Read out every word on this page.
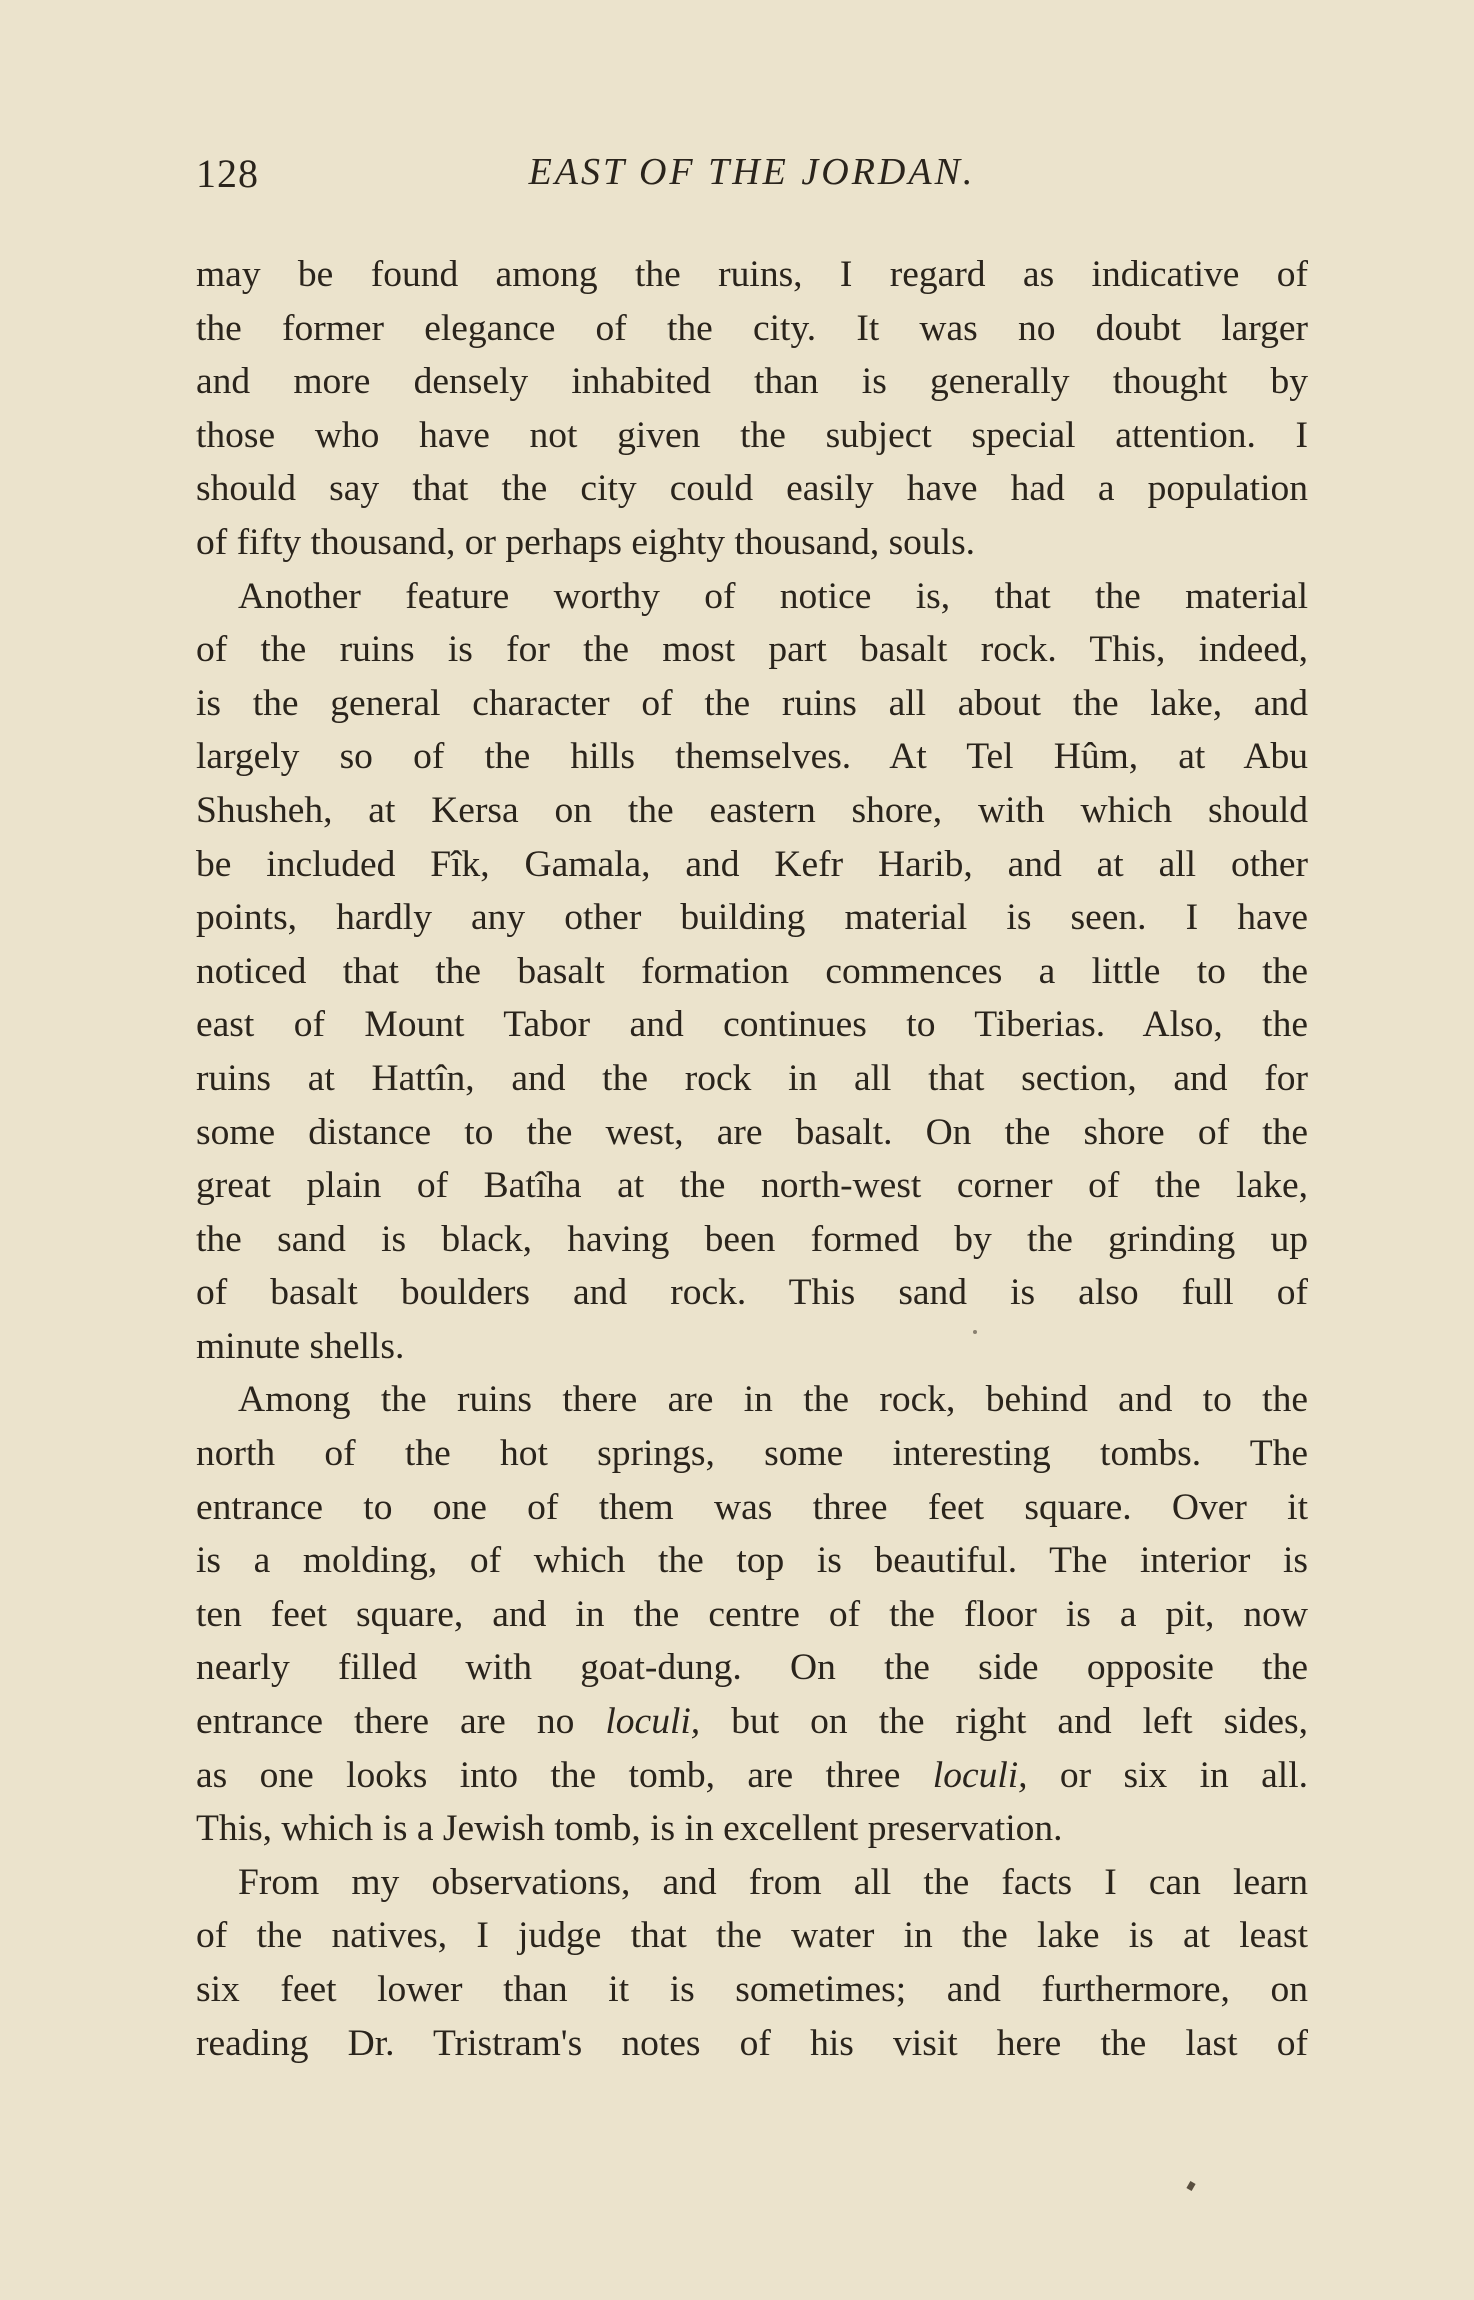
128	EAST OF THE JORDAN.

may be found among the ruins, I regard as indicative of
the former elegance of the city. It was no doubt larger
and more densely inhabited than is generally thought by
those who have not given the subject special attention. I
should say that the city could easily have had a population
of fifty thousand, or perhaps eighty thousand, souls.

Another feature worthy of notice is, that the material
of the ruins is for the most part basalt rock. This, indeed,
is the general character of the ruins all about the lake, and
largely so of the hills themselves. At Tel Hûm, at Abu
Shusheh, at Kersa on the eastern shore, with which should
be included Fîk, Gamala, and Kefr Harib, and at all other
points, hardly any other building material is seen. I have
noticed that the basalt formation commences a little to the
east of Mount Tabor and continues to Tiberias. Also, the
ruins at Hattîn, and the rock in all that section, and for
some distance to the west, are basalt. On the shore of the
great plain of Batîha at the north-west corner of the lake,
the sand is black, having been formed by the grinding up
of basalt boulders and rock. This sand is also full of
minute shells.

Among the ruins there are in the rock, behind and to the
north of the hot springs, some interesting tombs. The
entrance to one of them was three feet square. Over it
is a molding, of which the top is beautiful. The interior is
ten feet square, and in the centre of the floor is a pit, now
nearly filled with goat-dung. On the side opposite the
entrance there are no loculi, but on the right and left sides,
as one looks into the tomb, are three loculi, or six in all.
This, which is a Jewish tomb, is in excellent preservation.

From my observations, and from all the facts I can learn
of the natives, I judge that the water in the lake is at least
six feet lower than it is sometimes; and furthermore, on
reading Dr. Tristram's notes of his visit here the last of
